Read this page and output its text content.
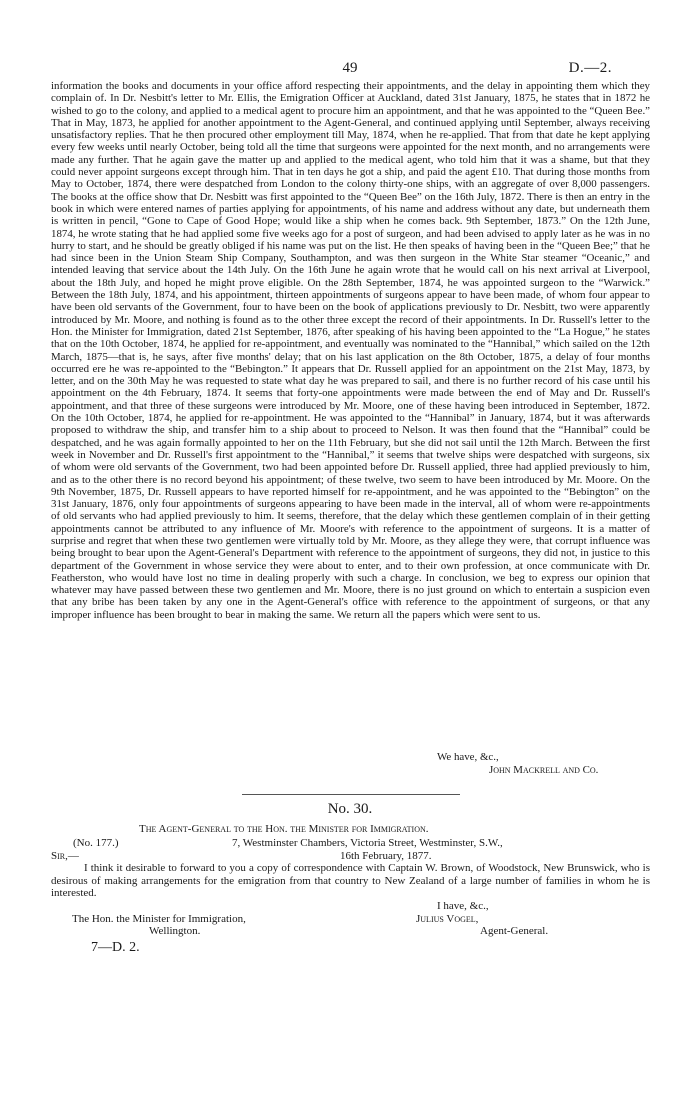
49	D.—2.

information the books and documents in your office afford respecting their appointments, and the delay in appointing them which they complain of. In Dr. Nesbitt's letter to Mr. Ellis, the Emigration Officer at Auckland, dated 31st January, 1875, he states that in 1872 he wished to go to the colony, and applied to a medical agent to procure him an appointment, and that he was appointed to the “Queen Bee.” That in May, 1873, he applied for another appointment to the Agent-General, and continued applying until September, always receiving unsatisfactory replies. That he then procured other employment till May, 1874, when he re-applied. That from that date he kept applying every few weeks until nearly October, being told all the time that surgeons were appointed for the next month, and no arrangements were made any further. That he again gave the matter up and applied to the medical agent, who told him that it was a shame, but that they could never appoint surgeons except through him. That in ten days he got a ship, and paid the agent £10. That during those months from May to October, 1874, there were despatched from London to the colony thirty-one ships, with an aggregate of over 8,000 passengers. The books at the office show that Dr. Nesbitt was first appointed to the “Queen Bee” on the 16th July, 1872. There is then an entry in the book in which were entered names of parties applying for appointments, of his name and address without any date, but underneath them is written in pencil, “Gone to Cape of Good Hope; would like a ship when he comes back. 9th September, 1873.” On the 12th June, 1874, he wrote stating that he had applied some five weeks ago for a post of surgeon, and had been advised to apply later as he was in no hurry to start, and he should be greatly obliged if his name was put on the list. He then speaks of having been in the “Queen Bee;” that he had since been in the Union Steam Ship Company, Southampton, and was then surgeon in the White Star steamer “Oceanic,” and intended leaving that service about the 14th July. On the 16th June he again wrote that he would call on his next arrival at Liverpool, about the 18th July, and hoped he might prove eligible. On the 28th September, 1874, he was appointed surgeon to the “Warwick.” Between the 18th July, 1874, and his appointment, thirteen appointments of surgeons appear to have been made, of whom four appear to have been old servants of the Government, four to have been on the book of applications previously to Dr. Nesbitt, two were apparently introduced by Mr. Moore, and nothing is found as to the other three except the record of their appointments. In Dr. Russell's letter to the Hon. the Minister for Immigration, dated 21st September, 1876, after speaking of his having been appointed to the “La Hogue,” he states that on the 10th October, 1874, he applied for re-appointment, and eventually was nominated to the “Hannibal,” which sailed on the 12th March, 1875—that is, he says, after five months' delay; that on his last application on the 8th October, 1875, a delay of four months occurred ere he was re-appointed to the “Bebington.” It appears that Dr. Russell applied for an appointment on the 21st May, 1873, by letter, and on the 30th May he was requested to state what day he was prepared to sail, and there is no further record of his case until his appointment on the 4th February, 1874. It seems that forty-one appointments were made between the end of May and Dr. Russell's appointment, and that three of these surgeons were introduced by Mr. Moore, one of these having been introduced in September, 1872. On the 10th October, 1874, he applied for re-appointment. He was appointed to the “Hannibal” in January, 1874, but it was afterwards proposed to withdraw the ship, and transfer him to a ship about to proceed to Nelson. It was then found that the “Hannibal” could be despatched, and he was again formally appointed to her on the 11th February, but she did not sail until the 12th March. Between the first week in November and Dr. Russell's first appointment to the “Hannibal,” it seems that twelve ships were despatched with surgeons, six of whom were old servants of the Government, two had been appointed before Dr. Russell applied, three had applied previously to him, and as to the other there is no record beyond his appointment; of these twelve, two seem to have been introduced by Mr. Moore. On the 9th November, 1875, Dr. Russell appears to have reported himself for re-appointment, and he was appointed to the “Bebington” on the 31st January, 1876, only four appointments of surgeons appearing to have been made in the interval, all of whom were re-appointments of old servants who had applied previously to him. It seems, therefore, that the delay which these gentlemen complain of in their getting appointments cannot be attributed to any influence of Mr. Moore's with reference to the appointment of surgeons. It is a matter of surprise and regret that when these two gentlemen were virtually told by Mr. Moore, as they allege they were, that corrupt influence was being brought to bear upon the Agent-General's Department with reference to the appointment of surgeons, they did not, in justice to this department of the Government in whose service they were about to enter, and to their own profession, at once communicate with Dr. Featherston, who would have lost no time in dealing properly with such a charge. In conclusion, we beg to express our opinion that whatever may have passed between these two gentlemen and Mr. Moore, there is no just ground on which to entertain a suspicion even that any bribe has been taken by any one in the Agent-General's office with reference to the appointment of surgeons, or that any improper influence has been brought to bear in making the same. We return all the papers which were sent to us.

We have, &c.,
John Mackrell and Co.
No. 30.
The Agent-General to the Hon. the Minister for Immigration.
(No. 177.)	7, Westminster Chambers, Victoria Street, Westminster, S.W.,
Sir,—	16th February, 1877.

I think it desirable to forward to you a copy of correspondence with Captain W. Brown, of Woodstock, New Brunswick, who is desirous of making arrangements for the emigration from that country to New Zealand of a large number of families in whom he is interested.

I have, &c.,
The Hon. the Minister for Immigration,
Wellington.
Julius Vogel,
Agent-General.
7—D. 2.
